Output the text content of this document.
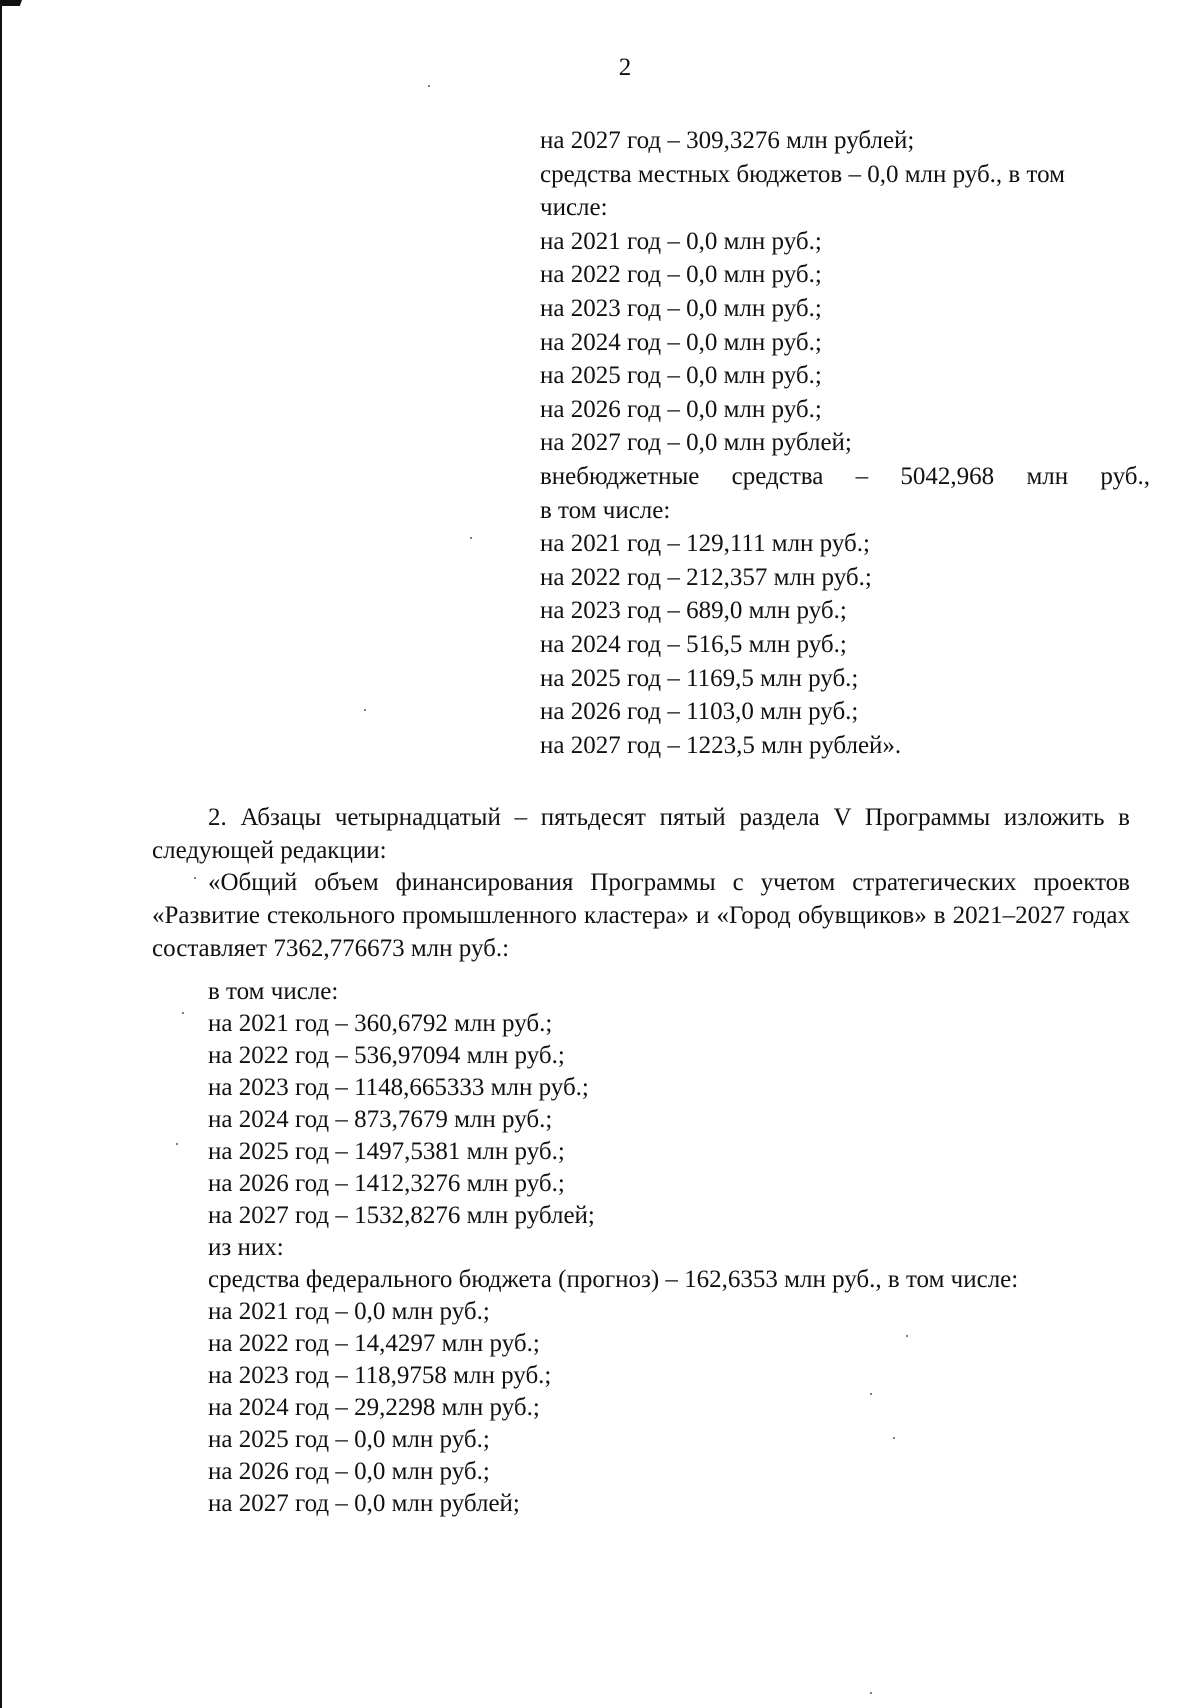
2
на 2027 год – 309,3276 млн рублей;
средства местных бюджетов – 0,0 млн руб., в том
числе:
на 2021 год – 0,0 млн руб.;
на 2022 год – 0,0 млн руб.;
на 2023 год – 0,0 млн руб.;
на 2024 год – 0,0 млн руб.;
на 2025 год – 0,0 млн руб.;
на 2026 год – 0,0 млн руб.;
на 2027 год – 0,0 млн рублей;
внебюджетные средства – 5042,968 млн руб.,
в том числе:
на 2021 год – 129,111 млн руб.;
на 2022 год – 212,357 млн руб.;
на 2023 год – 689,0 млн руб.;
на 2024 год – 516,5 млн руб.;
на 2025 год – 1169,5 млн руб.;
на 2026 год – 1103,0 млн руб.;
на 2027 год – 1223,5 млн рублей».
2. Абзацы четырнадцатый – пятьдесят пятый раздела V Программы изложить в следующей редакции:
«Общий объем финансирования Программы с учетом стратегических проектов «Развитие стекольного промышленного кластера» и «Город обувщиков» в 2021–2027 годах составляет 7362,776673 млн руб.:
в том числе:
на 2021 год – 360,6792 млн руб.;
на 2022 год – 536,97094 млн руб.;
на 2023 год – 1148,665333 млн руб.;
на 2024 год – 873,7679 млн руб.;
на 2025 год – 1497,5381 млн руб.;
на 2026 год – 1412,3276 млн руб.;
на 2027 год – 1532,8276 млн рублей;
из них:
средства федерального бюджета (прогноз) – 162,6353 млн руб., в том числе:
на 2021 год – 0,0 млн руб.;
на 2022 год – 14,4297 млн руб.;
на 2023 год – 118,9758 млн руб.;
на 2024 год – 29,2298 млн руб.;
на 2025 год – 0,0 млн руб.;
на 2026 год – 0,0 млн руб.;
на 2027 год – 0,0 млн рублей;
